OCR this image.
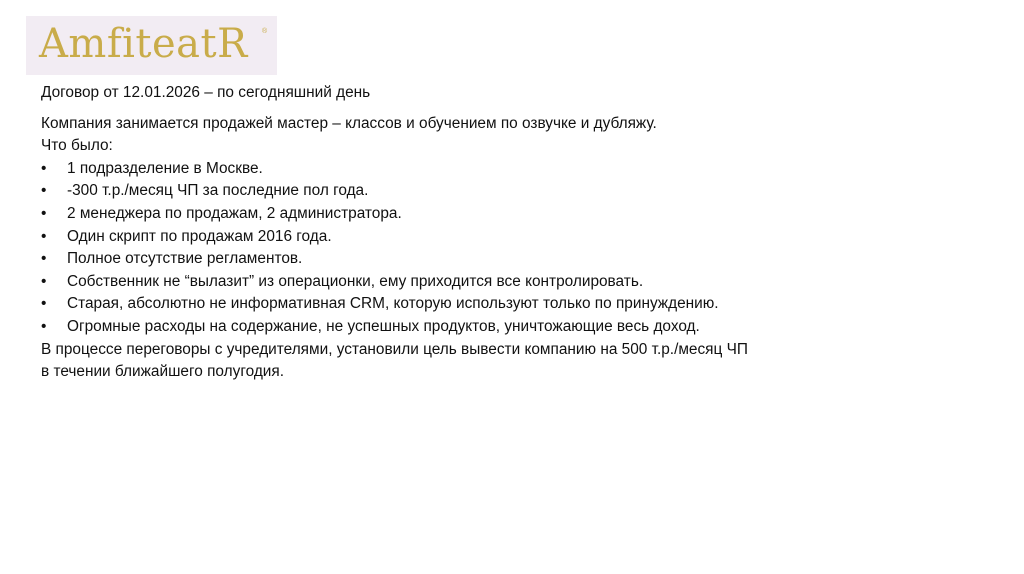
AmfiteatR ®

Договор от 12.01.2026 – по сегодняшний день

Компания занимается продажей мастер – классов и обучением по озвучке и дубляжу.

Что было:

• 1 подразделение в Москве.
• -300 т.р./месяц ЧП за последние пол года.
• 2 менеджера по продажам, 2 администратора.
• Один скрипт по продажам 2016 года.
• Полное отсутствие регламентов.
• Собственник не “вылазит” из операционки, ему приходится все контролировать.
• Старая, абсолютно не информативная CRM, которую используют только по принуждению.
• Огромные расходы на содержание, не успешных продуктов, уничтожающие весь доход.

В процессе переговоры с учредителями, установили цель вывести компанию на 500 т.р./месяц ЧП

в течении ближайшего полугодия.
